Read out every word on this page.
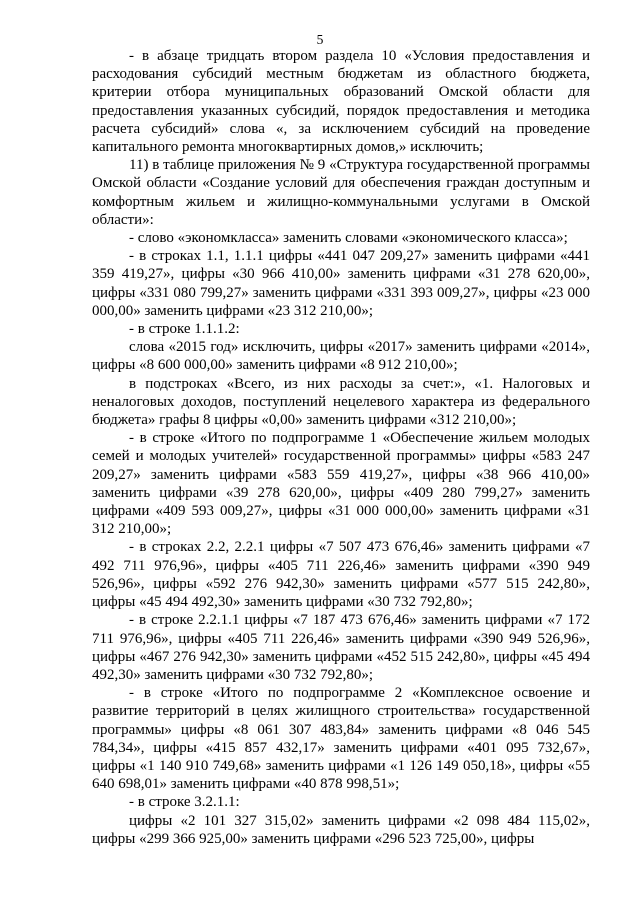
5

- в абзаце тридцать втором раздела 10 «Условия предоставления и расходования субсидий местным бюджетам из областного бюджета, критерии отбора муниципальных образований Омской области для предоставления указанных субсидий, порядок предоставления и методика расчета субсидий» слова «, за исключением субсидий на проведение капитального ремонта многоквартирных домов,» исключить;

11) в таблице приложения № 9 «Структура государственной программы Омской области «Создание условий для обеспечения граждан доступным и комфортным жильем и жилищно-коммунальными услугами в Омской области»:

- слово «экономкласса» заменить словами «экономического класса»;

- в строках 1.1, 1.1.1 цифры «441 047 209,27» заменить цифрами «441 359 419,27», цифры «30 966 410,00» заменить цифрами «31 278 620,00», цифры «331 080 799,27» заменить цифрами «331 393 009,27», цифры «23 000 000,00» заменить цифрами «23 312 210,00»;

- в строке 1.1.1.2:

слова «2015 год» исключить, цифры «2017» заменить цифрами «2014», цифры «8 600 000,00» заменить цифрами «8 912 210,00»;

в подстроках «Всего, из них расходы за счет:», «1. Налоговых и неналоговых доходов, поступлений нецелевого характера из федерального бюджета» графы 8 цифры «0,00» заменить цифрами «312 210,00»;

- в строке «Итого по подпрограмме 1 «Обеспечение жильем молодых семей и молодых учителей» государственной программы» цифры «583 247 209,27» заменить цифрами «583 559 419,27», цифры «38 966 410,00» заменить цифрами «39 278 620,00», цифры «409 280 799,27» заменить цифрами «409 593 009,27», цифры «31 000 000,00» заменить цифрами «31 312 210,00»;

- в строках 2.2, 2.2.1 цифры «7 507 473 676,46» заменить цифрами «7 492 711 976,96», цифры «405 711 226,46» заменить цифрами «390 949 526,96», цифры «592 276 942,30» заменить цифрами «577 515 242,80», цифры «45 494 492,30» заменить цифрами «30 732 792,80»;

- в строке 2.2.1.1 цифры «7 187 473 676,46» заменить цифрами «7 172 711 976,96», цифры «405 711 226,46» заменить цифрами «390 949 526,96», цифры «467 276 942,30» заменить цифрами «452 515 242,80», цифры «45 494 492,30» заменить цифрами «30 732 792,80»;

- в строке «Итого по подпрограмме 2 «Комплексное освоение и развитие территорий в целях жилищного строительства» государственной программы» цифры «8 061 307 483,84» заменить цифрами «8 046 545 784,34», цифры «415 857 432,17» заменить цифрами «401 095 732,67», цифры «1 140 910 749,68» заменить цифрами «1 126 149 050,18», цифры «55 640 698,01» заменить цифрами «40 878 998,51»;

- в строке 3.2.1.1:

цифры «2 101 327 315,02» заменить цифрами «2 098 484 115,02», цифры «299 366 925,00» заменить цифрами «296 523 725,00», цифры
